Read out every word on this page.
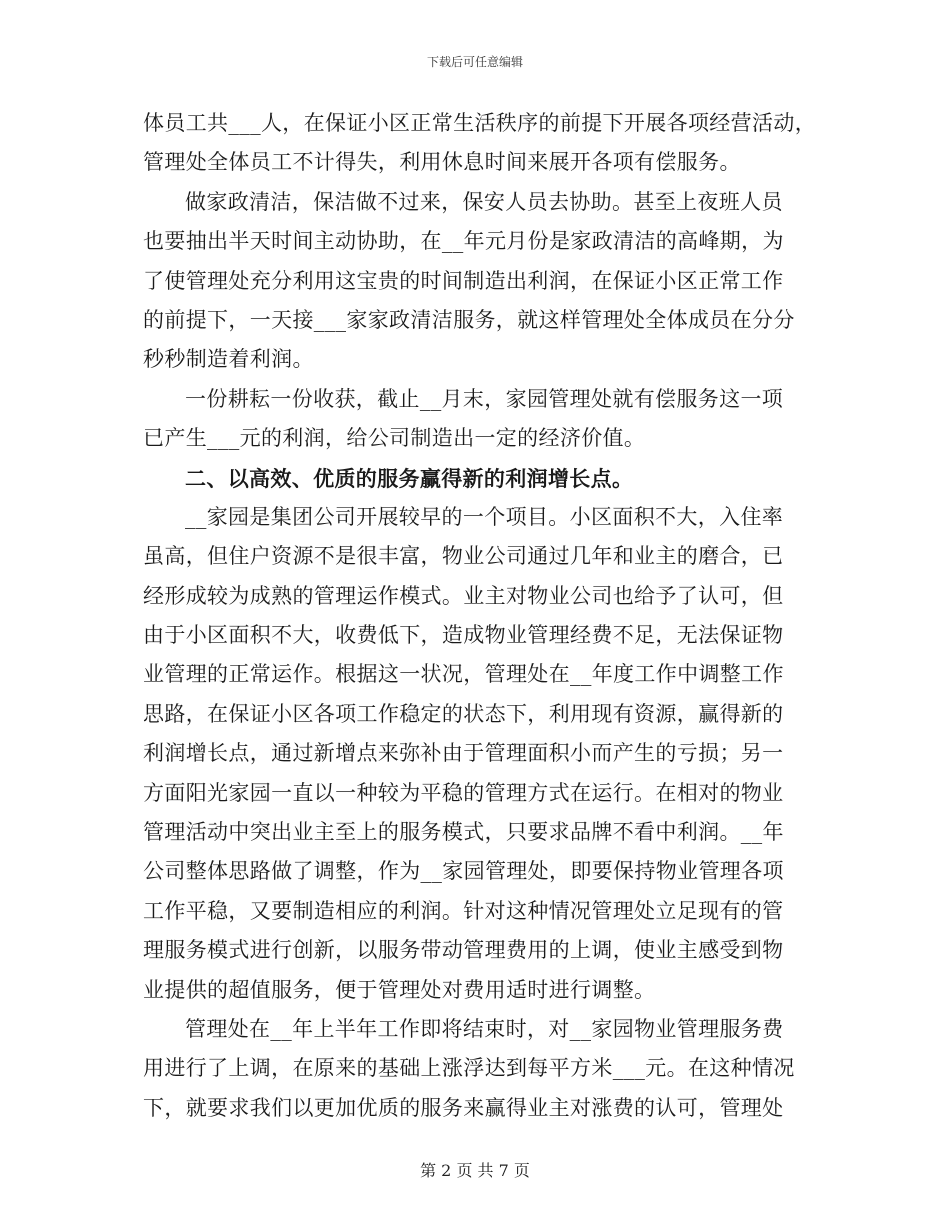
下载后可任意编辑
体员工共___人，在保证小区正常生活秩序的前提下开展各项经营活动，
管理处全体员工不计得失，利用休息时间来展开各项有偿服务。
做家政清洁，保洁做不过来，保安人员去协助。甚至上夜班人员
也要抽出半天时间主动协助，在__年元月份是家政清洁的高峰期，为
了使管理处充分利用这宝贵的时间制造出利润，在保证小区正常工作
的前提下，一天接___家家政清洁服务，就这样管理处全体成员在分分
秒秒制造着利润。
一份耕耘一份收获，截止__月末，家园管理处就有偿服务这一项
已产生___元的利润，给公司制造出一定的经济价值。
二、以高效、优质的服务赢得新的利润增长点。
__家园是集团公司开展较早的一个项目。小区面积不大，入住率
虽高，但住户资源不是很丰富，物业公司通过几年和业主的磨合，已
经形成较为成熟的管理运作模式。业主对物业公司也给予了认可，但
由于小区面积不大，收费低下，造成物业管理经费不足，无法保证物
业管理的正常运作。根据这一状况，管理处在__年度工作中调整工作
思路，在保证小区各项工作稳定的状态下，利用现有资源，赢得新的
利润增长点，通过新增点来弥补由于管理面积小而产生的亏损；另一
方面阳光家园一直以一种较为平稳的管理方式在运行。在相对的物业
管理活动中突出业主至上的服务模式，只要求品牌不看中利润。__年
公司整体思路做了调整，作为__家园管理处，即要保持物业管理各项
工作平稳，又要制造相应的利润。针对这种情况管理处立足现有的管
理服务模式进行创新，以服务带动管理费用的上调，使业主感受到物
业提供的超值服务，便于管理处对费用适时进行调整。
管理处在__年上半年工作即将结束时，对__家园物业管理服务费
用进行了上调，在原来的基础上涨浮达到每平方米___元。在这种情况
下，就要求我们以更加优质的服务来赢得业主对涨费的认可，管理处
第 2 页 共 7 页
